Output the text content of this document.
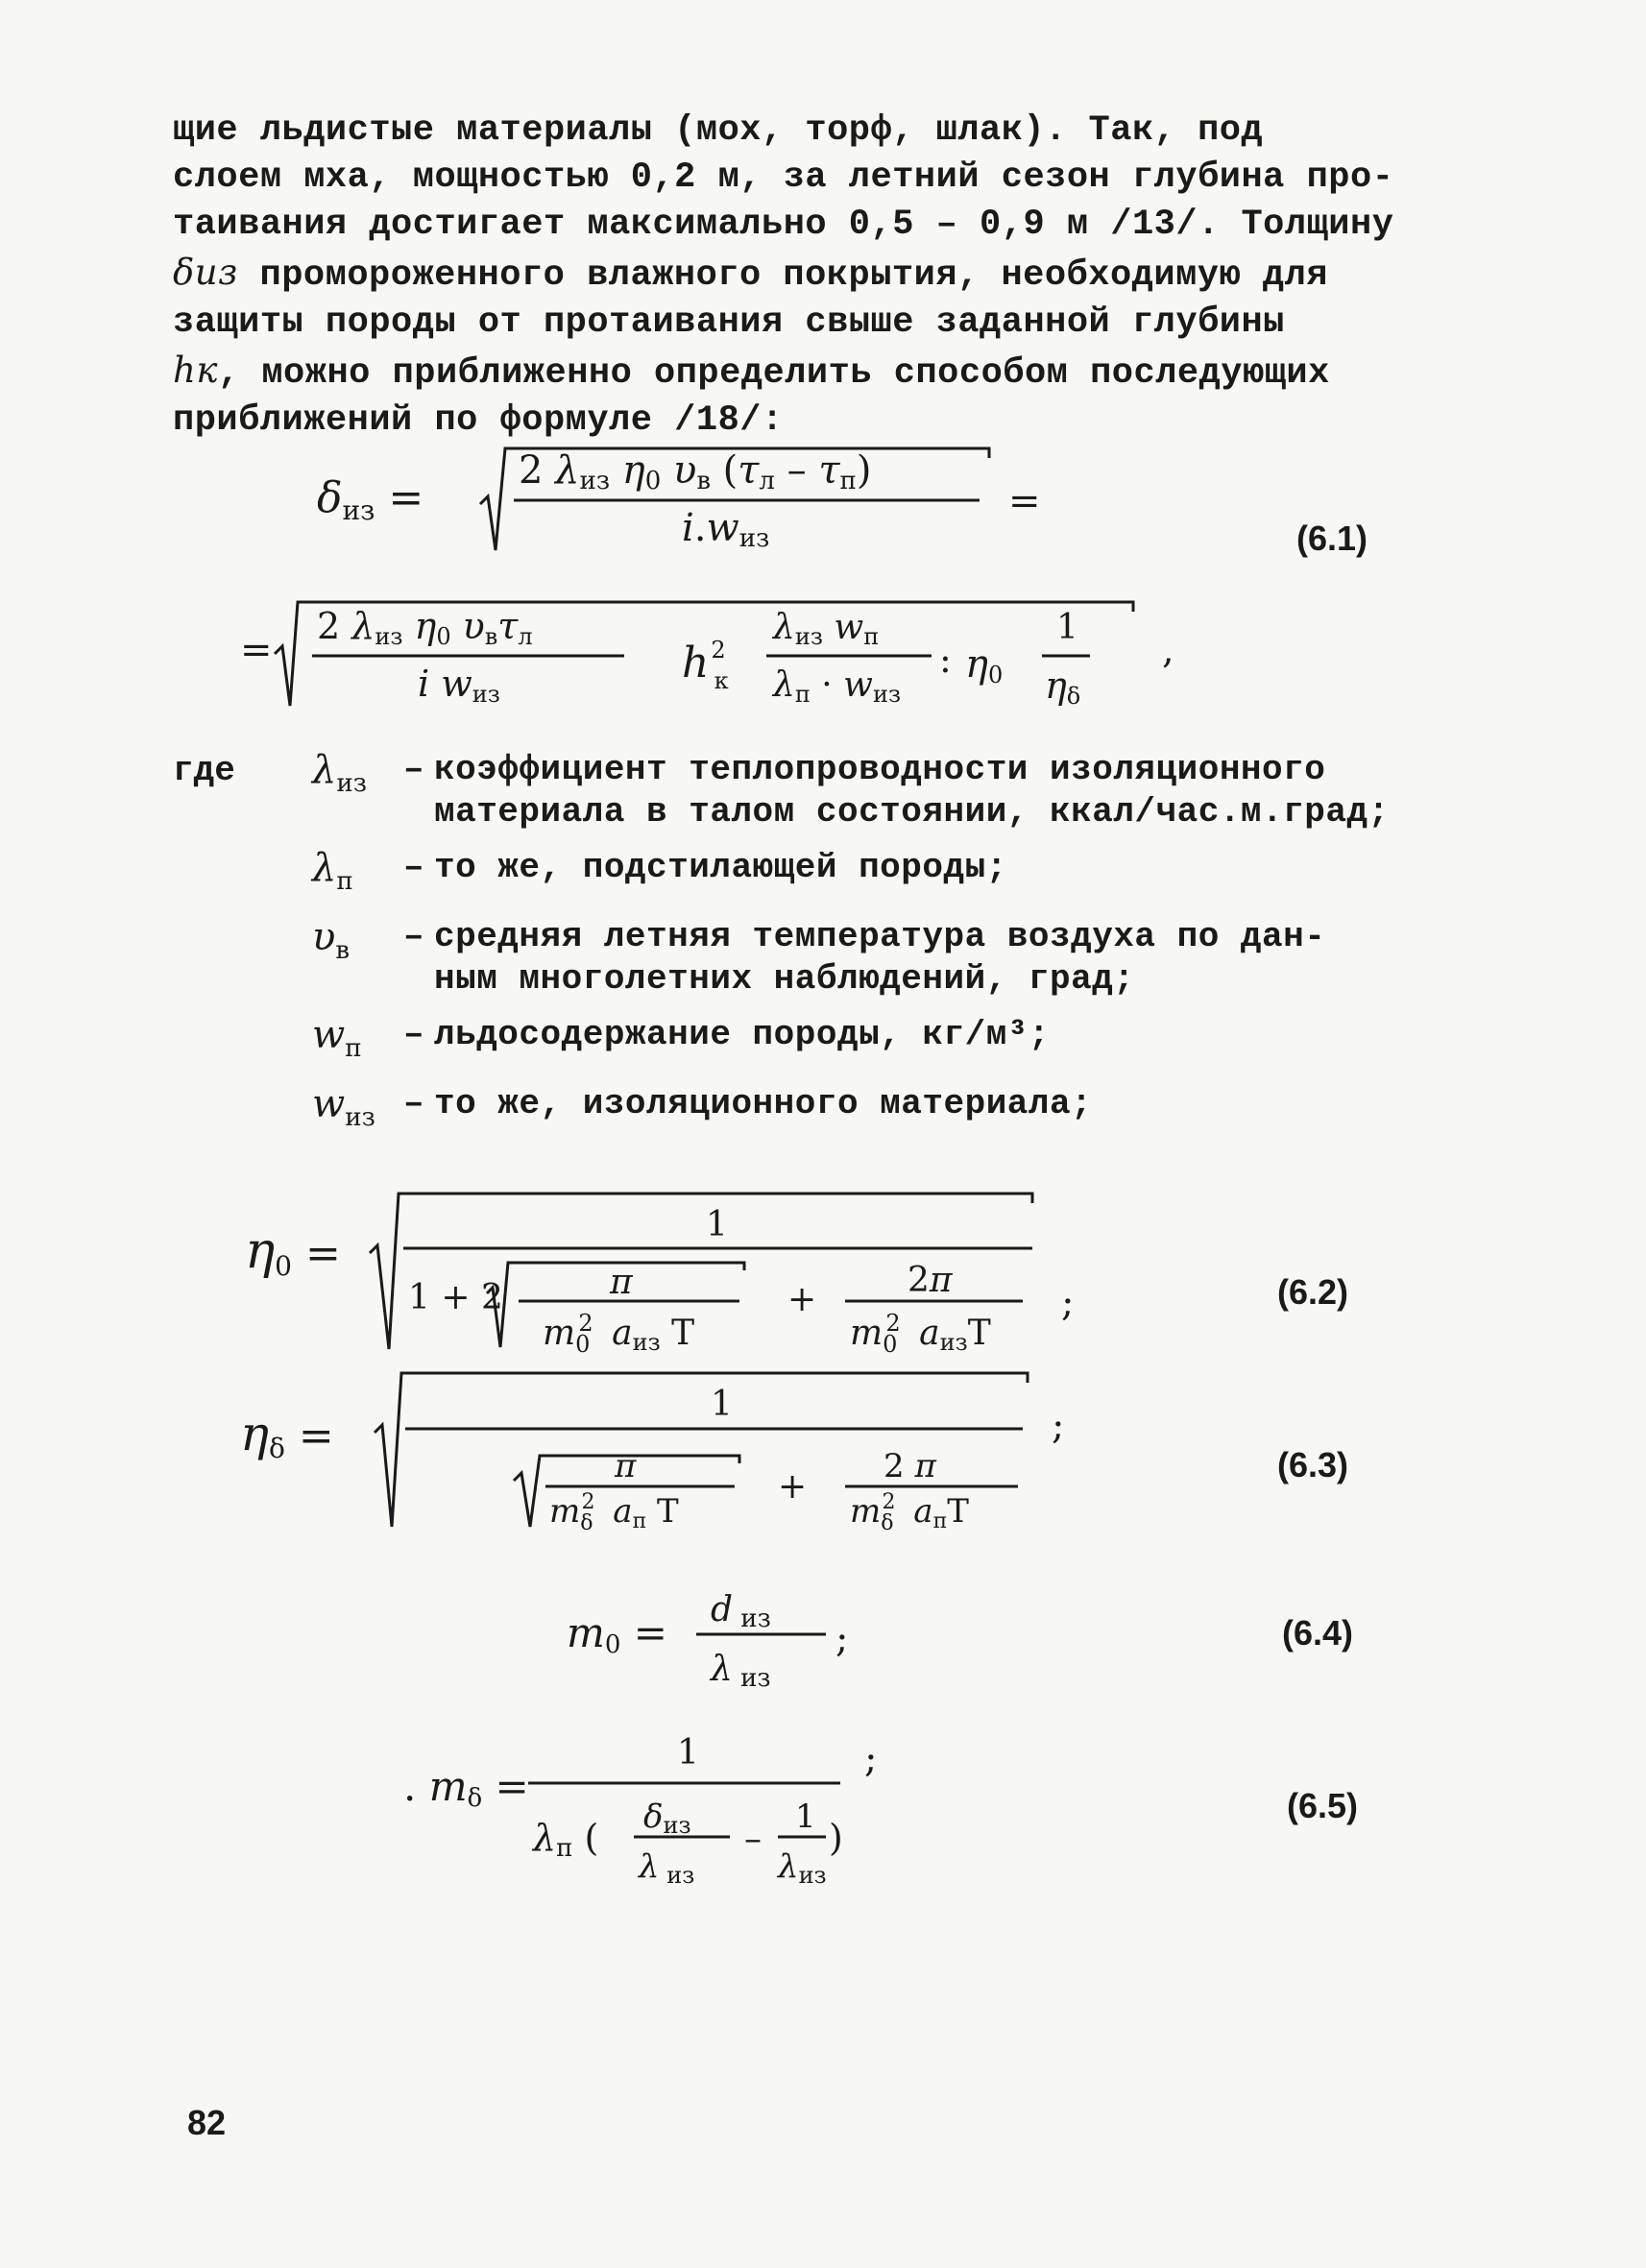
щие льдистые материалы (мох, торф, шлак). Так, под
слоем мха, мощностью 0,2 м, за летний сезон глубина про-
таивания достигает максимально 0,5 – 0,9 м /13/. Толщину
δиз промороженного влажного покрытия, необходимую для
защиты породы от протаивания свыше заданной глубины
hк, можно приближенно определить способом последующих
приближений по формуле /18/:
δиз =
2 λиз η0 υв (τл – τп)
i.wиз
=
(6.1)
=
2 λиз η0 υвτл
i wиз
$h^2$ к
λиз wп
λп · wиз
: η0
1
ηδ
,
где $\lambda_{из}$	– коэффициент теплопроводности изоляционного
материала в талом состоянии, ккал/час.м.град;
$\lambda_п$	– то же, подстилающей породы;
$\upsilon_в$	– средняя летняя температура воздуха по дан-
ным многолетних наблюдений, град;
$w_п$	– льдосодержание породы, кг/м³;
$w_{из}$ – то же, изоляционного материала;
η0 =
1
1 + 2	π
$m_02$ aиз T
+	2π
$m_02$ aизT
;	(6.2)
ηδ =
1
π
$m_\delta 2$ aп T
+
2 π
$m_\delta 2$ aпT
;
(6.3)
m0 = d из
λ из
;	(6.4)
. mδ =
1
λп ( δиз
λ из
–
1
λиз
)
;
(6.5)
82
